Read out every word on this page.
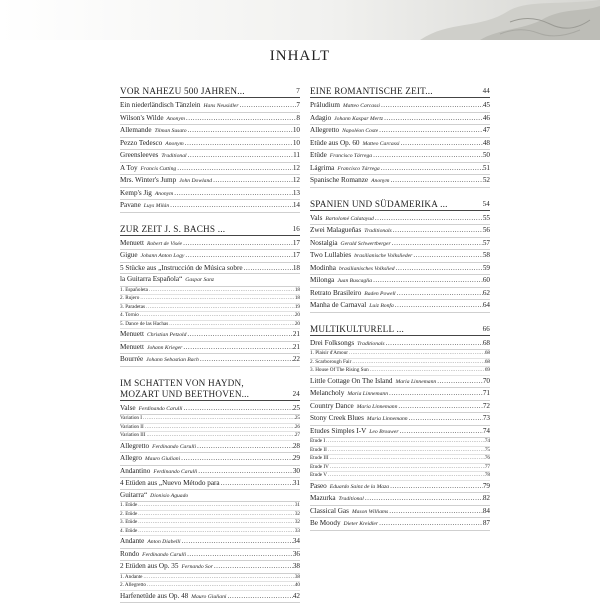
INHALT
VOR NAHEZU 500 JAHREN...	7
Ein niederländisch Tänzlein Hans Neusidler .....	7
Wilson's Wilde Anonym .....	8
Allemande Tilman Susato .....	10
Pezzo Tedesco Anonym .....	10
Greensleeves Traditional .....	11
A Toy Francis Cutting .....	12
Mrs. Winter's Jump John Dowland .....	12
Kemp's Jig Anonym .....	13
Pavane Luys Milán .....	14
ZUR ZEIT J. S. BACHS ...	16
Menuett Robert de Visée .....	17
Gigue Johann Anton Logy .....	17
5 Stücke aus „Instrucción de Música sobre .....	18
la Guitarra Española“ Gaspar Sanz
1. Españoleta .....	18
2. Rujero .....	18
3. Paradetas .....	19
4. Tornio .....	20
5. Dance de las Hachas .....	20
Menuett Christian Petzold .....	21
Menuett Johann Krieger .....	21
Bourrée Johann Sebastian Bach .....	22
IM SCHATTEN VON HAYDN,
MOZART UND BEETHOVEN...	24
Valse Ferdinando Carulli .....	25
Variation I .....	25
Variation II .....	26
Variation III .....	27
Allegretto Ferdinando Carulli .....	28
Allegro Mauro Giuliani .....	29
Andantino Ferdinando Carulli .....	30
4 Etüden aus „Nuevo Método para .....	31
Guitarra“ Dionisio Aguado
1. Etüde .....	31
2. Etüde .....	32
3. Etüde .....	32
4. Etüde .....	33
Andante Anton Diabelli .....	34
Rondo Ferdinando Carulli .....	36
2 Etüden aus Op. 35 Fernando Sor .....	38
1. Andante .....	38
2. Allegretto .....	40
Harfenetüde aus Op. 48 Mauro Giuliani .....	42
EINE ROMANTISCHE ZEIT...	44
Präludium Matteo Carcassi .....	45
Adagio Johann Kaspar Mertz .....	46
Allegretto Napoléon Coste .....	47
Etüde aus Op. 60 Matteo Carcassi .....	48
Etüde Francisco Tárrega .....	50
Lágrima Francisco Tárrega .....	51
Spanische Romanze Anonym .....	52
SPANIEN UND SÜDAMERIKA ...	54
Vals Bartolomé Calatayud .....	55
Zwei Malagueñas Traditionals .....	56
Nostalgia Gerald Schwertberger .....	57
Two Lullabies brasilianische Volkslieder .....	58
Modinha brasilianisches Volkslied .....	59
Milonga Juan Buscaglia .....	60
Retrato Brasileiro Baden Powell .....	62
Manha de Carnaval Luiz Bonfa .....	64
MULTIKULTURELL ...	66
Drei Folksongs Traditionals .....	68
1. Plaisir d'Amour .....	68
2. Scarborough Fair .....	68
3. House Of The Rising Sun .....	69
Little Cottage On The Island Maria Linnemann .....	70
Melancholy Maria Linnemann .....	71
Country Dance Maria Linnemann .....	72
Stony Creek Blues Maria Linnemann .....	73
Etudes Simples I-V Leo Brouwer .....	74
Etude I .....	74
Etude II .....	75
Etude III .....	76
Etude IV .....	77
Etude V .....	78
Paseo Eduardo Sainz de la Maza .....	79
Mazurka Traditional .....	82
Classical Gas Mason Williams .....	84
Be Moody Dieter Kreidler .....	87
